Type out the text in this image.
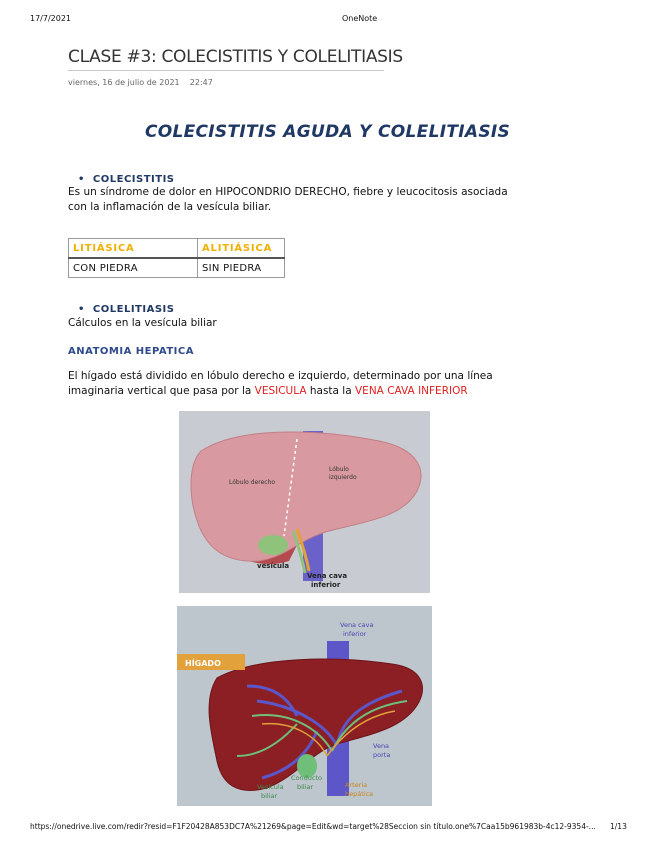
17/7/2021	OneNote
CLASE #3: COLECISTITIS Y COLELITIASIS
viernes, 16 de julio de 2021 22:47
COLECISTITIS AGUDA Y COLELITIASIS
• COLECISTITIS
Es un síndrome de dolor en HIPOCONDRIO DERECHO, fiebre y leucocitosis asociada
con la inflamación de la vesícula biliar.
LITIÁSICA	ALITIÁSICA
CON PIEDRA	SIN PIEDRA
• COLELITIASIS
Cálculos en la vesícula biliar
ANATOMIA HEPATICA
El hígado está dividido en lóbulo derecho e izquierdo, determinado por una línea
imaginaria vertical que pasa por la VESICULA hasta la VENA CAVA INFERIOR
Lóbulo derecho
Lóbulo
izquierdo
vesícula
Vena cava
inferior
HÍGADO
Vena cava
inferior
Vena
porta
Vesícula
biliar
Conducto
biliar	Arteria
hepática
https://onedrive.live.com/redir?resid=F1F20428A853DC7A%21269&page=Edit&wd=target%28Seccion sin título.one%7Caa15b961983b-4c12-9354-...	1/13
